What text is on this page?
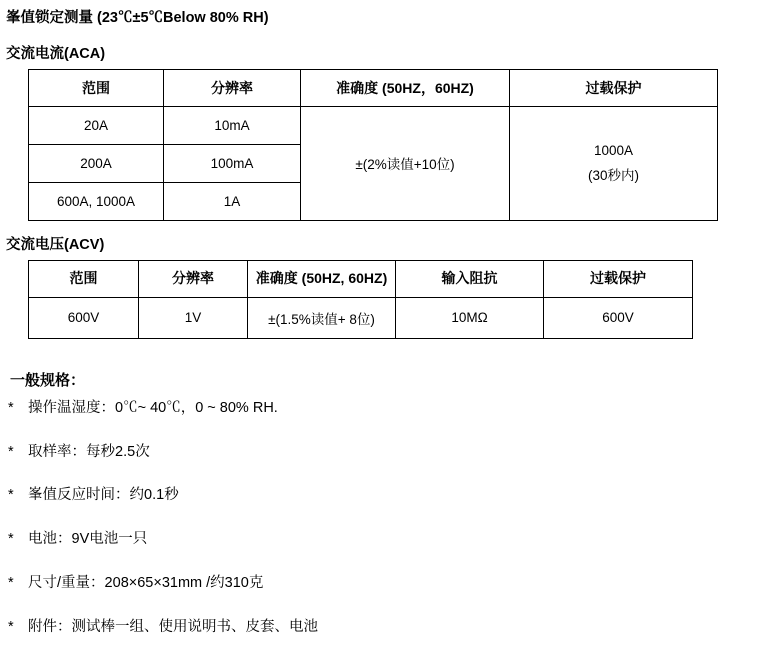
峯值锁定测量 (23℃±5℃Below 80% RH)
交流电流(ACA)
范围	分辨率	准确度 (50HZ，60HZ)	过载保护
20A	10mA	±(2%读值+10位)	1000A
(30秒内)

200A	100mA		
600A, 1000A	1A		
交流电压(ACV)
范围	分辨率	准确度 (50HZ, 60HZ)	输入阻抗	过载保护
600V	1V	±(1.5%读值+ 8位)	10MΩ	600V
一般规格：
* 操作温湿度：0℃~ 40℃，0 ~ 80% RH.
* 取样率：每秒2.5次
* 峯值反应时间：约0.1秒
* 电池：9V电池一只
* 尺寸/重量：208×65×31mm /约310克
* 附件：测试棒一组、使用说明书、皮套、电池
